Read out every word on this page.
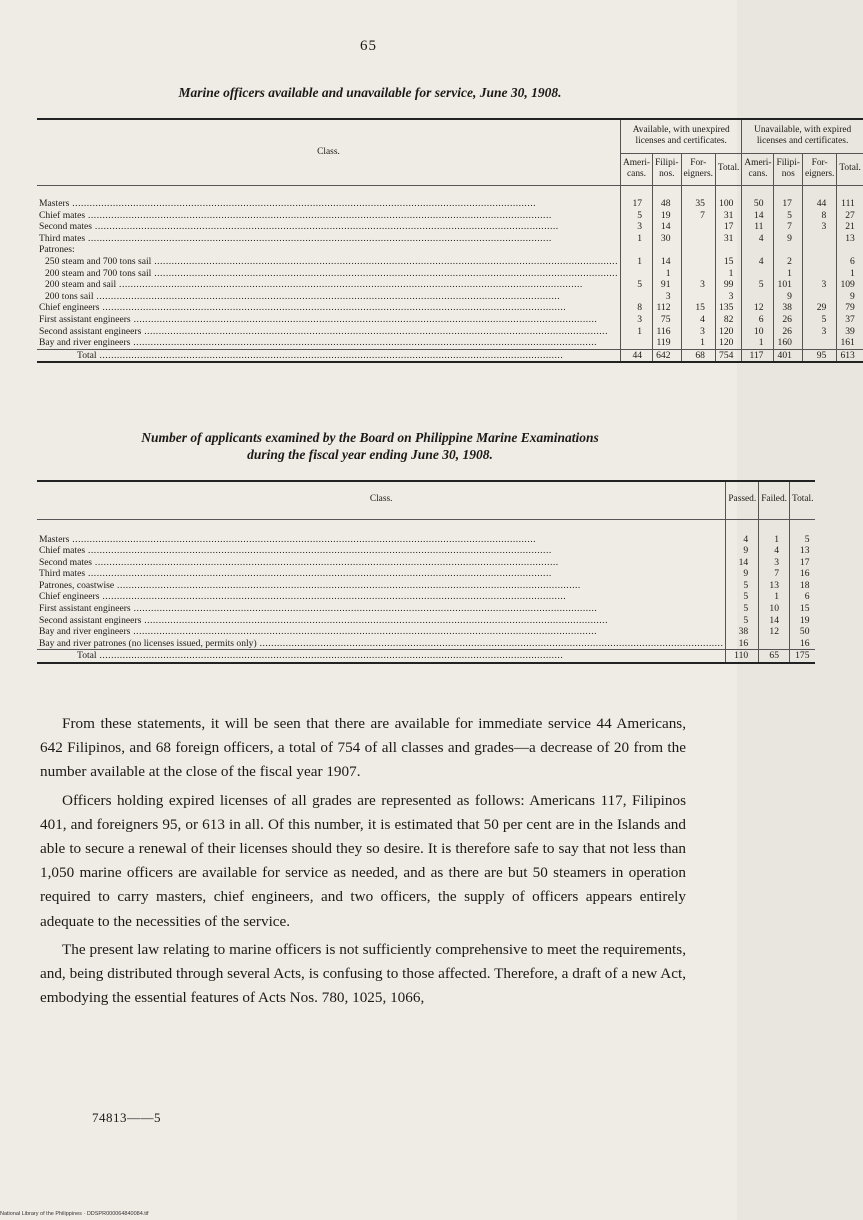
65
Marine officers available and unavailable for service, June 30, 1908.
Class.	Available, with unexpired licenses and certificates.				Unavailable, with expired licenses and certificates.			
	Ameri-cans.	Filipi-nos.	For-eigners.	Total.	Ameri-cans.	Filipi-nos	For-eigners.	Total.
Masters .....	17	48	35	100	50	17	44	111
Chief mates .....	5	19	7	31	14	5	8	27
Second mates .....	3	14		17	11	7	3	21
Third mates .....	1	30		31	4	9		13
Patrones:								
250 steam and 700 tons sail .....	1	14		15	4	2		6
200 steam and 700 tons sail .....		1		1		1		1
200 steam and sail .....	5	91	3	99	5	101	3	109
200 tons sail .....		3		3		9		9
Chief engineers .....	8	112	15	135	12	38	29	79
First assistant engineers .....	3	75	4	82	6	26	5	37
Second assistant engineers .....	1	116	3	120	10	26	3	39
Bay and river engineers .....		119	1	120	1	160		161
Total .....	44	642	68	754	117	401	95	613
Number of applicants examined by the Board on Philippine Marine Examinations
during the fiscal year ending June 30, 1908.
Class.	Passed.	Failed.	Total.
Masters .....	4	1	5
Chief mates .....	9	4	13
Second mates .....	14	3	17
Third mates .....	9	7	16
Patrones, coastwise .....	5	13	18
Chief engineers .....	5	1	6
First assistant engineers .....	5	10	15
Second assistant engineers .....	5	14	19
Bay and river engineers .....	38	12	50
Bay and river patrones (no licenses issued, permits only) .....	16		16
Total .....	110	65	175

From these statements, it will be seen that there are available for immediate service 44 Americans, 642 Filipinos, and 68 foreign officers, a total of 754 of all classes and grades—a decrease of 20 from the number available at the close of the fiscal year 1907.

Officers holding expired licenses of all grades are represented as follows: Americans 117, Filipinos 401, and foreigners 95, or 613 in all. Of this number, it is estimated that 50 per cent are in the Islands and able to secure a renewal of their licenses should they so desire. It is therefore safe to say that not less than 1,050 marine officers are available for service as needed, and as there are but 50 steamers in operation required to carry masters, chief engineers, and two officers, the supply of officers appears entirely adequate to the necessities of the service.

The present law relating to marine officers is not sufficiently comprehensive to meet the requirements, and, being distributed through several Acts, is confusing to those affected. Therefore, a draft of a new Act, embodying the essential features of Acts Nos. 780, 1025, 1066,

74813——5
National Library of the Philippines · DDSPR000064840084.tif
